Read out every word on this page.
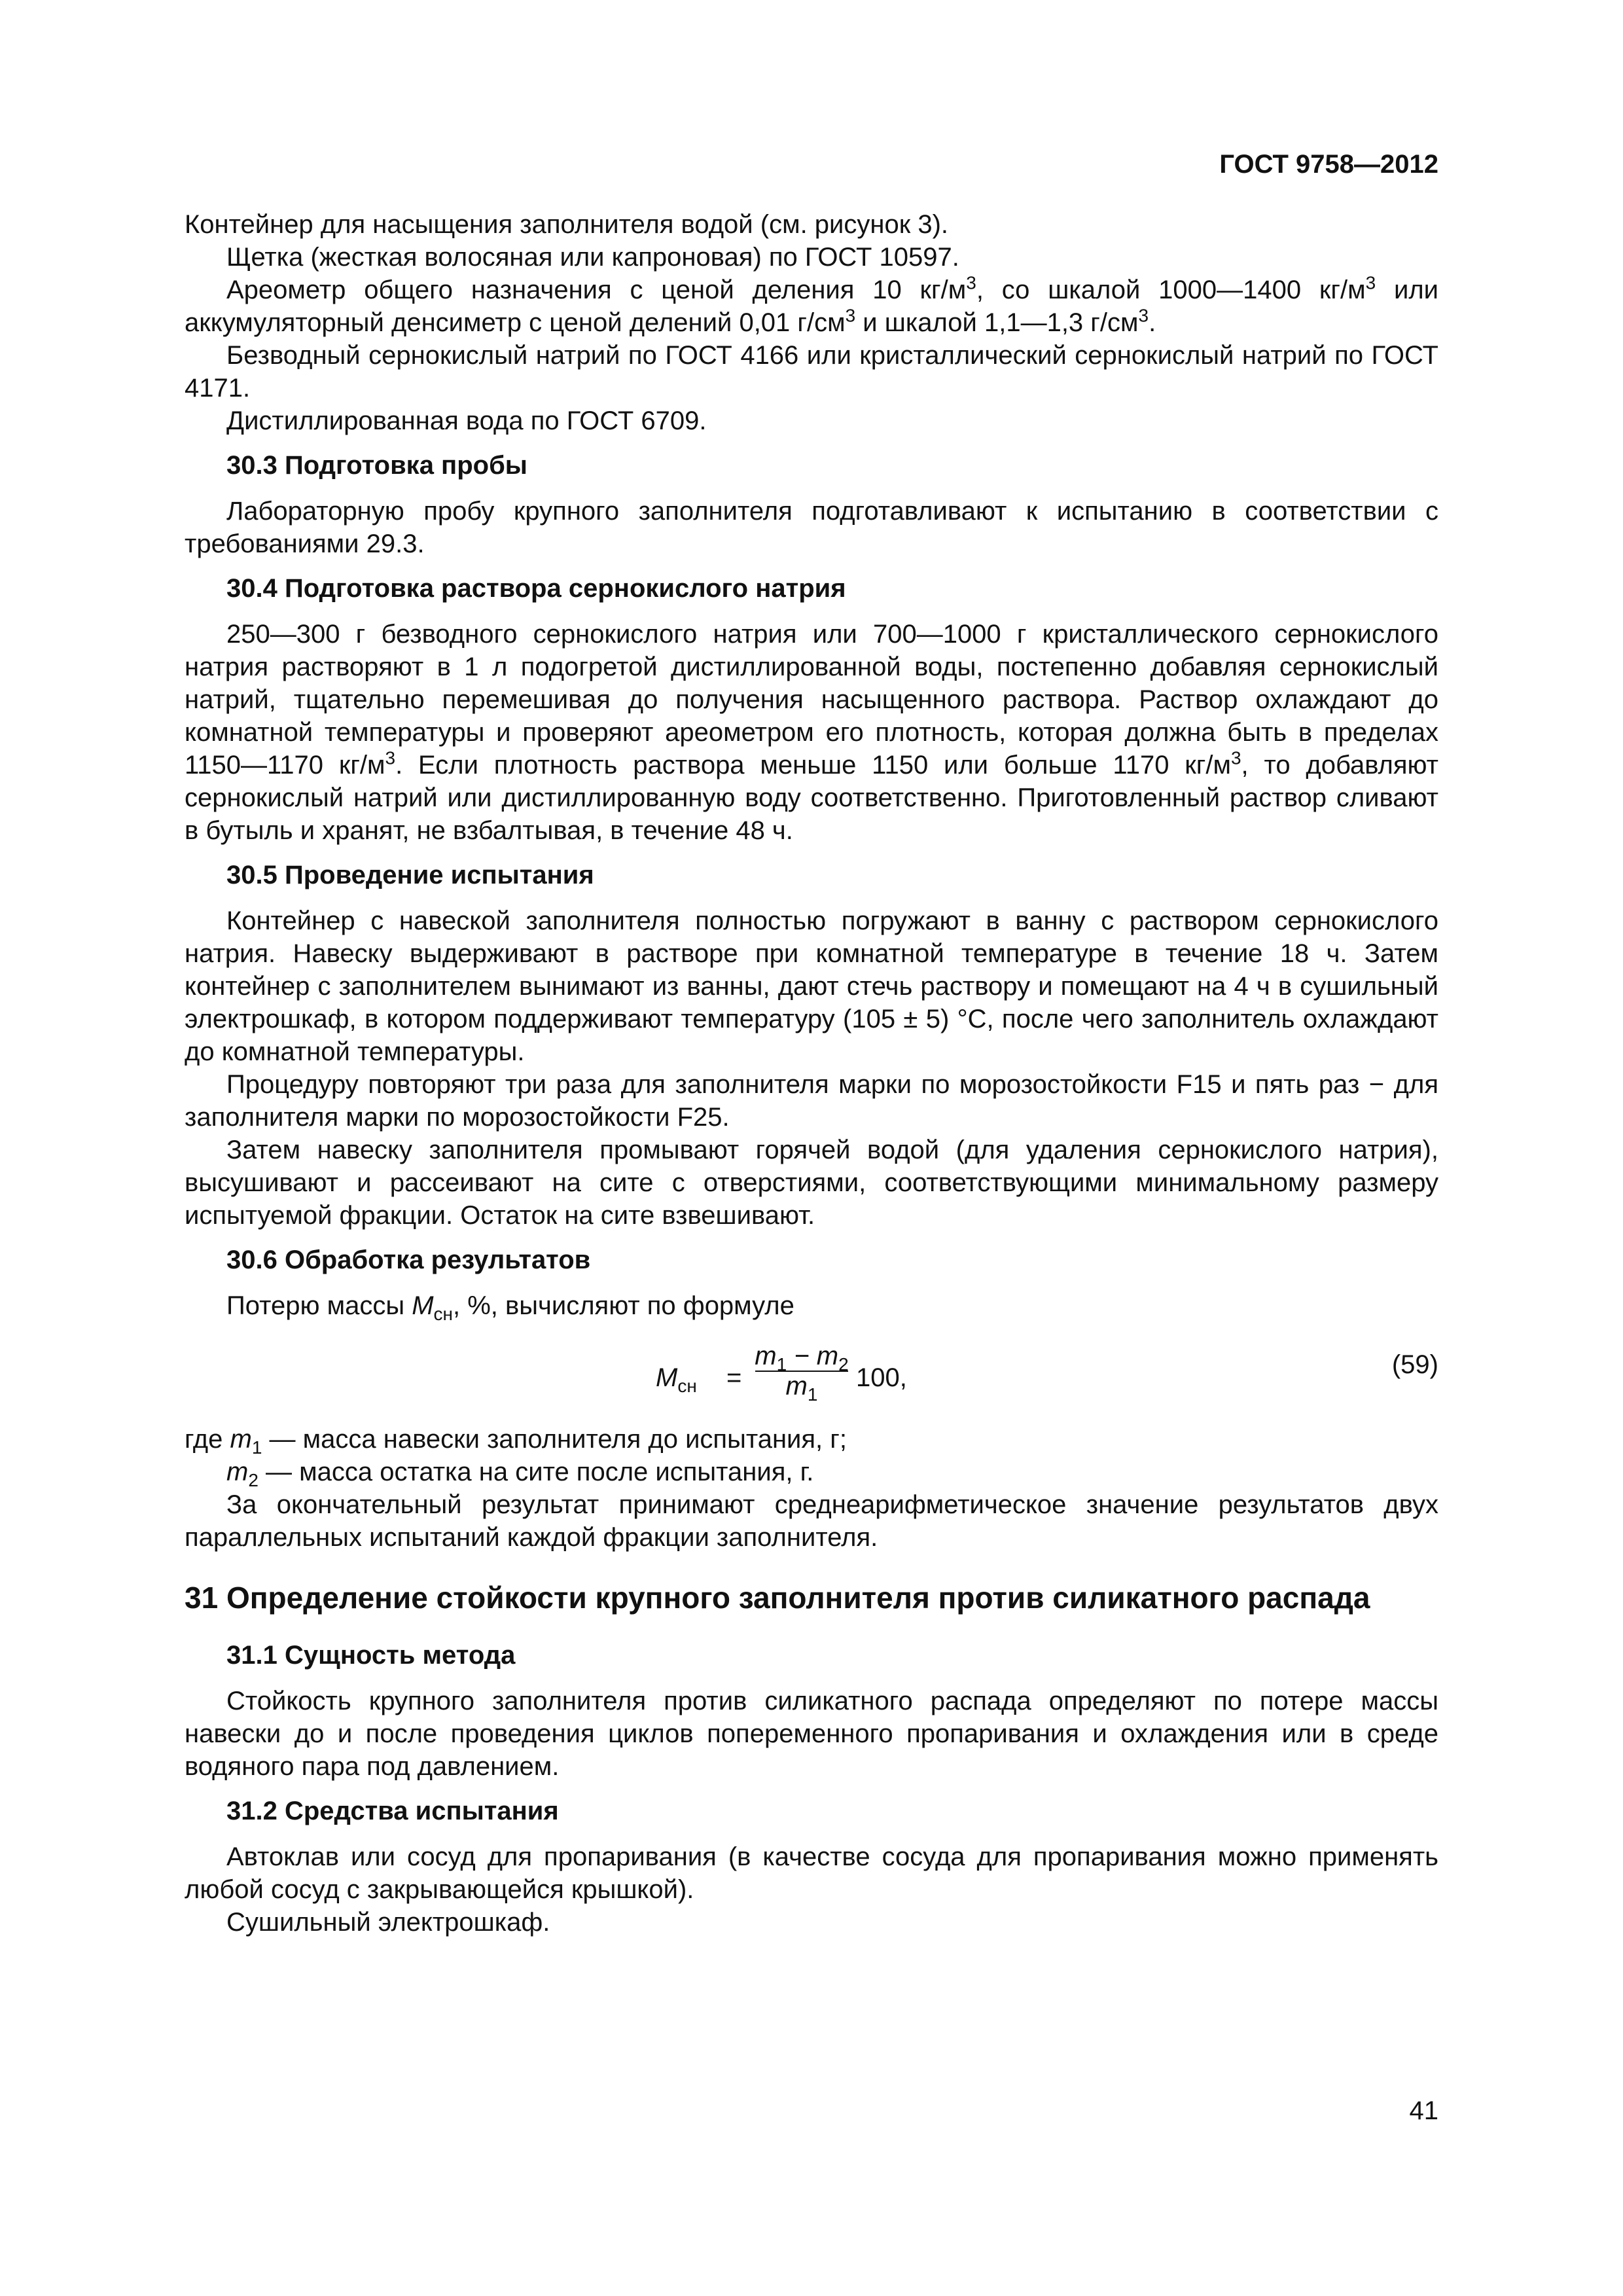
ГОСТ 9758—2012

Контейнер для насыщения заполнителя водой (см. рисунок 3).

Щетка (жесткая волосяная или капроновая) по ГОСТ 10597.

Ареометр общего назначения с ценой деления 10 $кг/м^3$, со шкалой 1000—1400 $кг/м^3$ или аккумуляторный денсиметр с ценой делений 0,01 $г/см^3$ и шкалой 1,1—1,3 $г/см^3$.

Безводный сернокислый натрий по ГОСТ 4166 или кристаллический сернокислый натрий по ГОСТ 4171.

Дистиллированная вода по ГОСТ 6709.

30.3 Подготовка пробы

Лабораторную пробу крупного заполнителя подготавливают к испытанию в соответствии с требованиями 29.3.

30.4 Подготовка раствора сернокислого натрия

250—300 г безводного сернокислого натрия или 700—1000 г кристаллического сернокислого натрия растворяют в 1 л подогретой дистиллированной воды, постепенно добавляя сернокислый натрий, тщательно перемешивая до получения насыщенного раствора. Раствор охлаждают до комнатной температуры и проверяют ареометром его плотность, которая должна быть в пределах 1150—1170 $кг/м^3$. Если плотность раствора меньше 1150 или больше 1170 $кг/м^3$, то добавляют сернокислый натрий или дистиллированную воду соответственно. Приготовленный раствор сливают в бутыль и хранят, не взбалтывая, в течение 48 ч.

30.5 Проведение испытания

Контейнер с навеской заполнителя полностью погружают в ванну с раствором сернокислого натрия. Навеску выдерживают в растворе при комнатной температуре в течение 18 ч. Затем контейнер с заполнителем вынимают из ванны, дают стечь раствору и помещают на 4 ч в сушильный электрошкаф, в котором поддерживают температуру (105 ± 5) °С, после чего заполнитель охлаждают до комнатной температуры.

Процедуру повторяют три раза для заполнителя марки по морозостойкости F15 и пять раз − для заполнителя марки по морозостойкости F25.

Затем навеску заполнителя промывают горячей водой (для удаления сернокислого натрия), высушивают и рассеивают на сите с отверстиями, соответствующими минимальному размеру испытуемой фракции. Остаток на сите взвешивают.

30.6 Обработка результатов

Потерю массы $M_{сн}$, %, вычисляют по формуле

$M_{сн}$ =
$m_1 - m_2$
$m_1$
100,	(59)
где $m_1$ — масса навески заполнителя до испытания, г;
$m_2$ — масса остатка на сите после испытания, г.

За окончательный результат принимают среднеарифметическое значение результатов двух параллельных испытаний каждой фракции заполнителя.

31 Определение стойкости крупного заполнителя против силикатного распада
31.1 Сущность метода

Стойкость крупного заполнителя против силикатного распада определяют по потере массы навески до и после проведения циклов попеременного пропаривания и охлаждения или в среде водяного пара под давлением.

31.2 Средства испытания

Автоклав или сосуд для пропаривания (в качестве сосуда для пропаривания можно применять любой сосуд с закрывающейся крышкой).

Сушильный электрошкаф.

41
